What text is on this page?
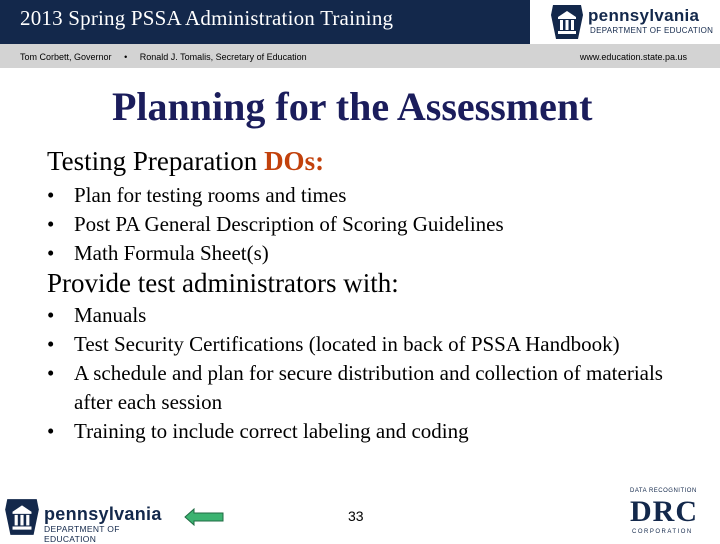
2013 Spring PSSA Administration Training	pennsylvania
DEPARTMENT OF EDUCATION
Tom Corbett, Governor • Ronald J. Tomalis, Secretary of Education	www.education.state.pa.us
Planning for the Assessment
Testing Preparation DOs:
• Plan for testing rooms and times
• Post PA General Description of Scoring Guidelines
• Math Formula Sheet(s)
Provide test administrators with:
• Manuals
• Test Security Certifications (located in back of PSSA Handbook)
• A schedule and plan for secure distribution and collection of materials after each session
• Training to include correct labeling and coding
pennsylvania
DEPARTMENT OF EDUCATION
33
DATA RECOGNITION
DRC
CORPORATION
